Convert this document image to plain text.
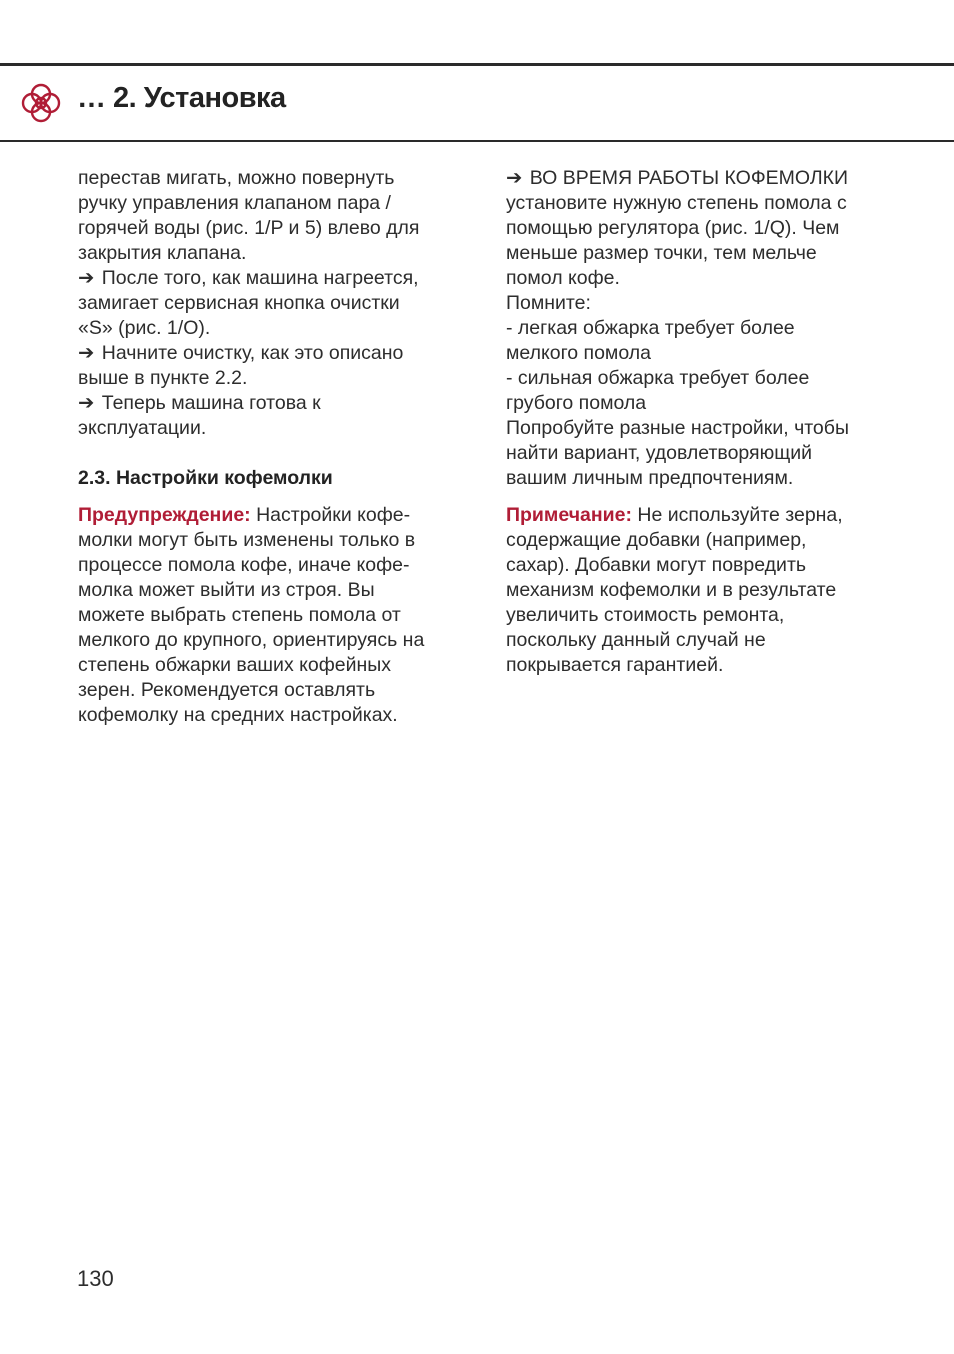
… 2. Установка
перестав мигать, можно повернуть
ручку управления клапаном пара /
горячей воды (рис. 1/P и 5) влево для
закрытия клапана.
➔ После того, как машина нагреется,
замигает сервисная кнопка очистки
«S» (рис. 1/O).
➔ Начните очистку, как это описано
выше в пункте 2.2.
➔ Теперь машина готова к
эксплуатации.
2.3. Настройки кофемолки
Предупреждение: Настройки кофе-
молки могут быть изменены только в
процессе помола кофе, иначе кофе-
молка может выйти из строя. Вы
можете выбрать степень помола от
мелкого до крупного, ориентируясь на
степень обжарки ваших кофейных
зерен. Рекомендуется оставлять
кофемолку на средних настройках.
➔ ВО ВРЕМЯ РАБОТЫ КОФЕМОЛКИ
установите нужную степень помола с
помощью регулятора (рис. 1/Q). Чем
меньше размер точки, тем мельче
помол кофе.
Помните:
- легкая обжарка требует более
мелкого помола
- сильная обжарка требует более
грубого помола
Попробуйте разные настройки, чтобы
найти вариант, удовлетворяющий
вашим личным предпочтениям.
Примечание: Не используйте зерна,
содержащие добавки (например,
сахар). Добавки могут повредить
механизм кофемолки и в результате
увеличить стоимость ремонта,
поскольку данный случай не
покрывается гарантией.
130
